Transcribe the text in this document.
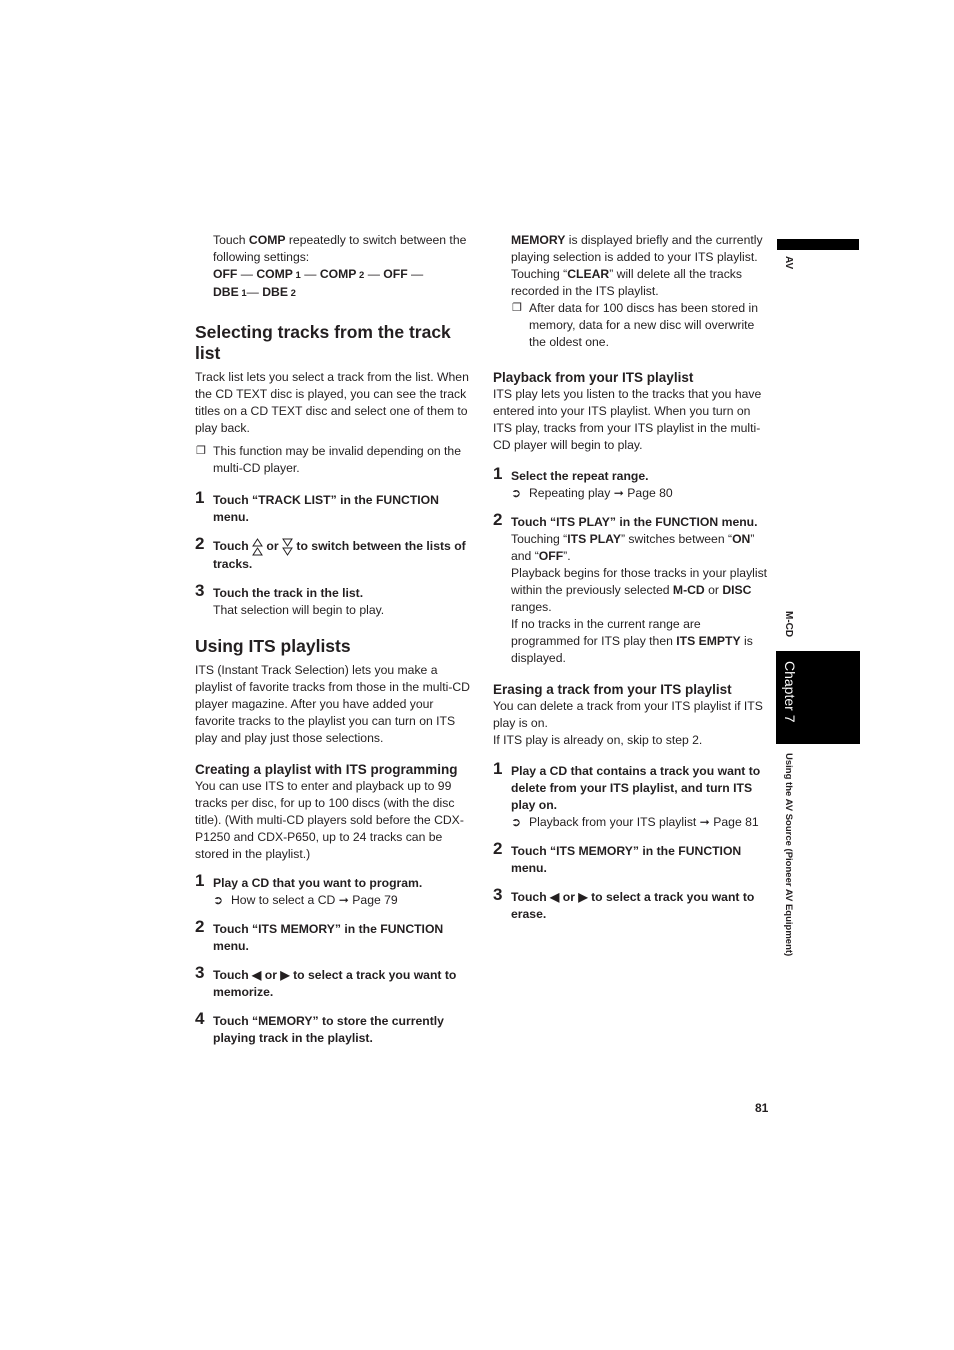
AV
M-CD
Chapter 7
Using the AV Source (Pioneer AV Equipment)

Touch COMP repeatedly to switch between the following settings:

OFF — COMP 1 — COMP 2 — OFF —

DBE 1— DBE 2

Selecting tracks from the track list

Track list lets you select a track from the list. When the CD TEXT disc is played, you can see the track titles on a CD TEXT disc and select one of them to play back.

❐ This function may be invalid depending on the multi-CD player.
1 Touch “TRACK LIST” in the FUNCTION menu.
2 Touch  or  to switch between the lists of tracks.
3 Touch the track in the list.

That selection will begin to play.

Using ITS playlists

ITS (Instant Track Selection) lets you make a playlist of favorite tracks from those in the multi-CD player magazine. After you have added your favorite tracks to the playlist you can turn on ITS play and play just those selections.

Creating a playlist with ITS programming

You can use ITS to enter and playback up to 99 tracks per disc, for up to 100 discs (with the disc title). (With multi-CD players sold before the CDX-P1250 and CDX-P650, up to 24 tracks can be stored in the playlist.)

1 Play a CD that you want to program.
➲ How to select a CD ➞ Page 79
2 Touch “ITS MEMORY” in the FUNCTION menu.
3 Touch ◀ or ▶ to select a track you want to memorize.
4 Touch “MEMORY” to store the currently playing track in the playlist.

MEMORY is displayed briefly and the currently playing selection is added to your ITS playlist.

Touching “CLEAR” will delete all the tracks recorded in the ITS playlist.

❐ After data for 100 discs has been stored in memory, data for a new disc will overwrite the oldest one.
Playback from your ITS playlist

ITS play lets you listen to the tracks that you have entered into your ITS playlist. When you turn on ITS play, tracks from your ITS playlist in the multi-CD player will begin to play.

1 Select the repeat range.
➲ Repeating play ➞ Page 80
2 Touch “ITS PLAY” in the FUNCTION menu.

Touching “ITS PLAY” switches between “ON” and “OFF”.

Playback begins for those tracks in your playlist within the previously selected M-CD or DISC ranges.

If no tracks in the current range are programmed for ITS play then ITS EMPTY is displayed.

Erasing a track from your ITS playlist

You can delete a track from your ITS playlist if ITS play is on.

If ITS play is already on, skip to step 2.

1 Play a CD that contains a track you want to delete from your ITS playlist, and turn ITS play on.
➲ Playback from your ITS playlist ➞ Page 81
2 Touch “ITS MEMORY” in the FUNCTION menu.
3 Touch ◀ or ▶ to select a track you want to erase.
81
